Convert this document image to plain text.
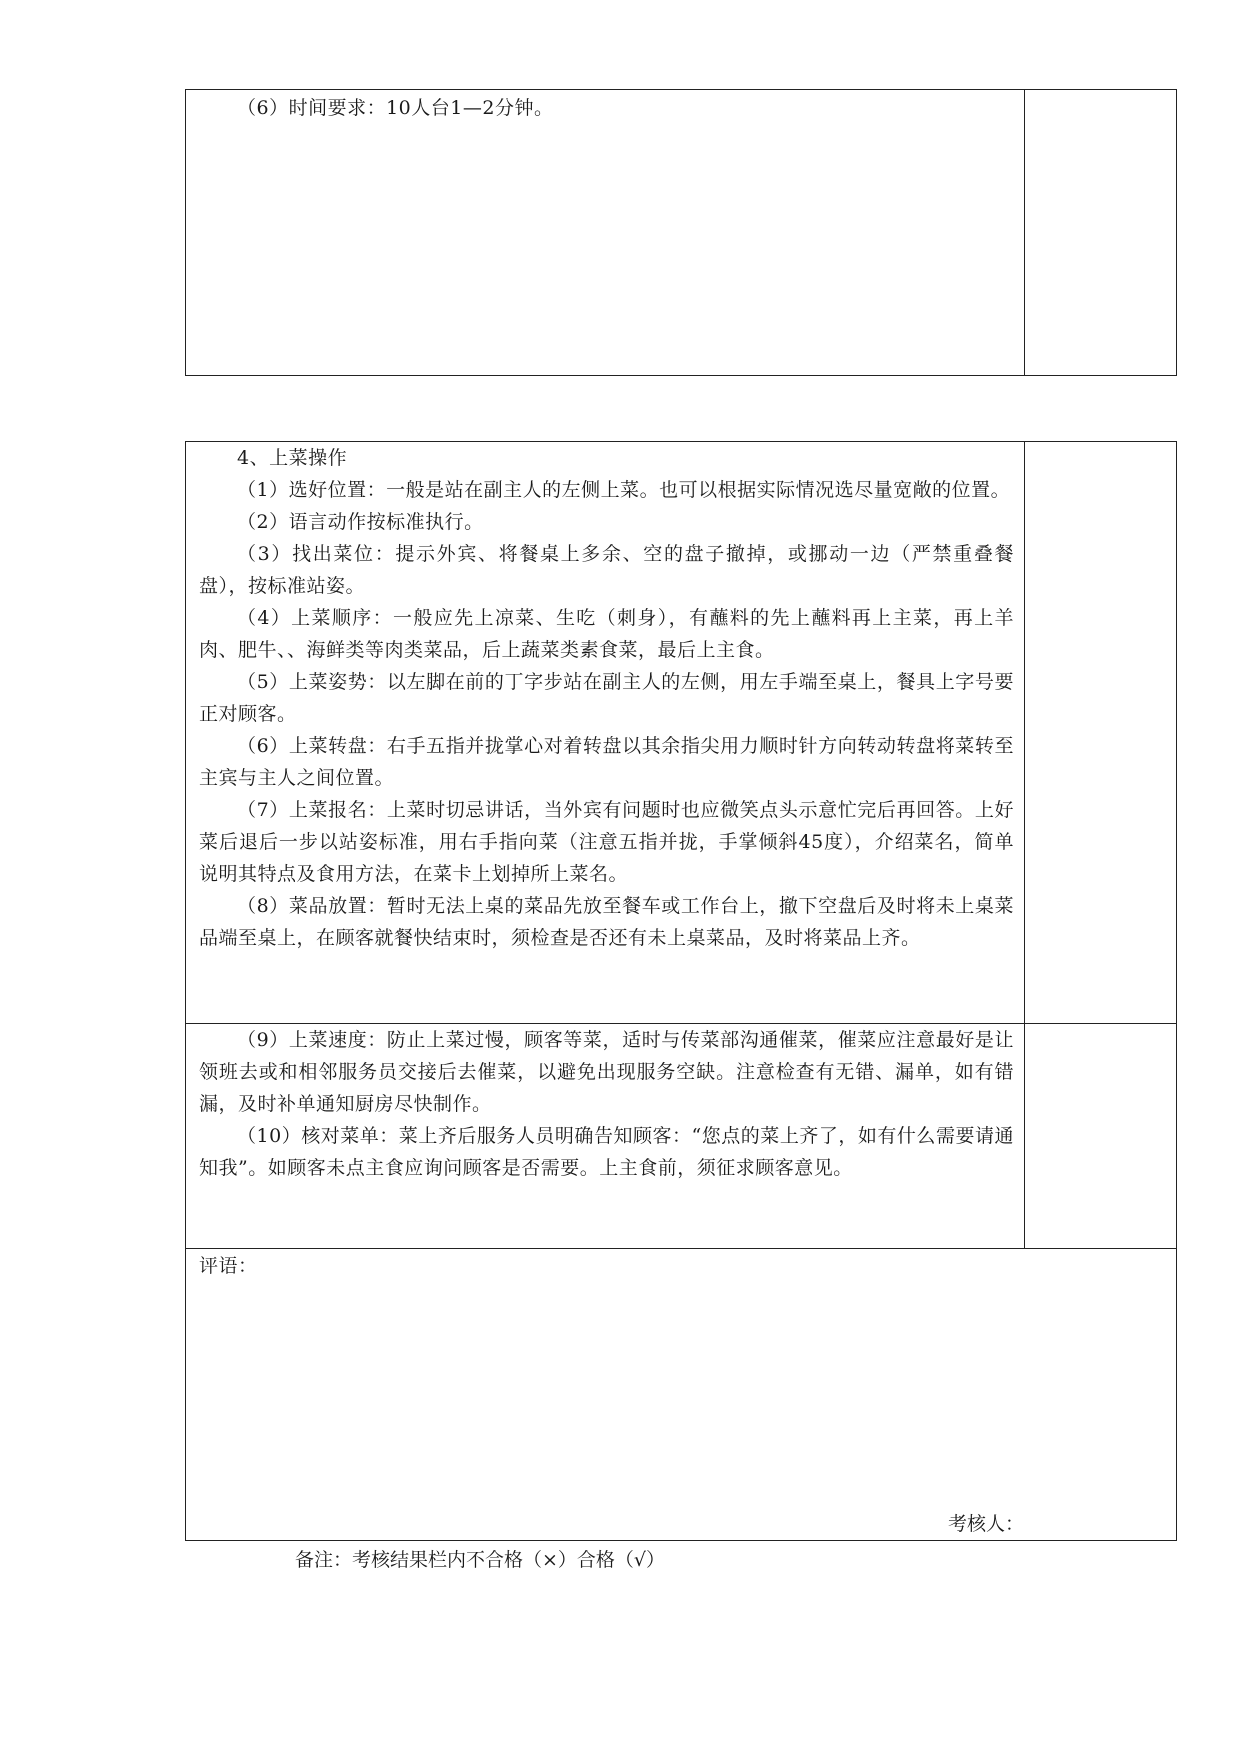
（6）时间要求：10人台1—2分钟。

4、上菜操作

（1）选好位置：一般是站在副主人的左侧上菜。也可以根据实际情况选尽量宽敞的位置。

（2）语言动作按标准执行。

（3）找出菜位：提示外宾、将餐桌上多余、空的盘子撤掉，或挪动一边（严禁重叠餐盘），按标准站姿。

（4）上菜顺序：一般应先上凉菜、生吃（刺身），有蘸料的先上蘸料再上主菜，再上羊肉、肥牛、、海鲜类等肉类菜品，后上蔬菜类素食菜，最后上主食。

（5）上菜姿势：以左脚在前的丁字步站在副主人的左侧，用左手端至桌上，餐具上字号要正对顾客。

（6）上菜转盘：右手五指并拢掌心对着转盘以其余指尖用力顺时针方向转动转盘将菜转至主宾与主人之间位置。

（7）上菜报名：上菜时切忌讲话，当外宾有问题时也应微笑点头示意忙完后再回答。上好菜后退后一步以站姿标准，用右手指向菜（注意五指并拢，手掌倾斜45度），介绍菜名，简单说明其特点及食用方法，在菜卡上划掉所上菜名。

（8）菜品放置：暂时无法上桌的菜品先放至餐车或工作台上，撤下空盘后及时将未上桌菜品端至桌上，在顾客就餐快结束时，须检查是否还有未上桌菜品，及时将菜品上齐。

（9）上菜速度：防止上菜过慢，顾客等菜，适时与传菜部沟通催菜，催菜应注意最好是让领班去或和相邻服务员交接后去催菜，以避免出现服务空缺。注意检查有无错、漏单，如有错漏，及时补单通知厨房尽快制作。

（10）核对菜单：菜上齐后服务人员明确告知顾客：“您点的菜上齐了，如有什么需要请通知我”。如顾客未点主食应询问顾客是否需要。上主食前，须征求顾客意见。

评语：

考核人：
备注：考核结果栏内不合格（×）合格（√）
